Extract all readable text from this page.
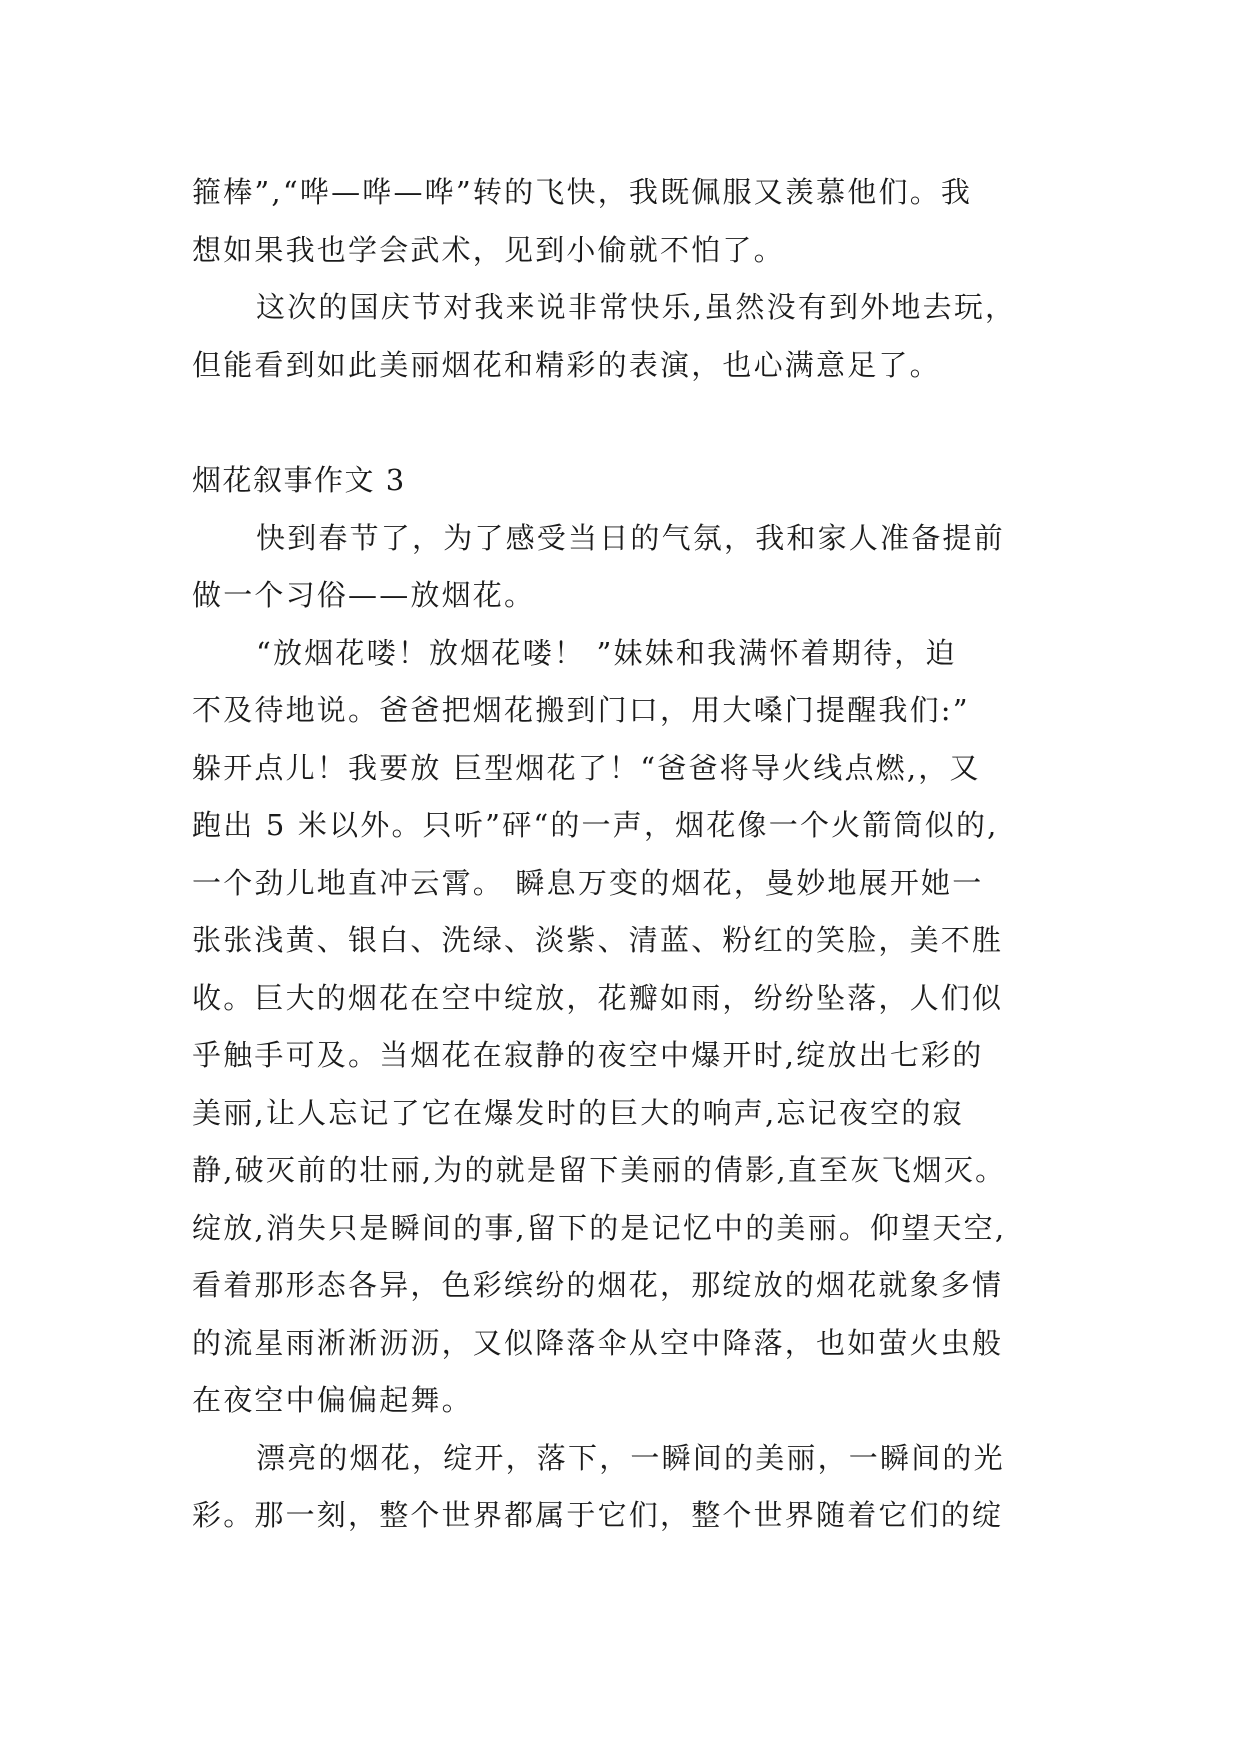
箍棒”,“哗—哗—哗”转的飞快，我既佩服又羡慕他们。我
想如果我也学会武术，见到小偷就不怕了。
这次的国庆节对我来说非常快乐,虽然没有到外地去玩，
但能看到如此美丽烟花和精彩的表演，也心满意足了。
烟花叙事作文 3
快到春节了，为了感受当日的气氛，我和家人准备提前
做一个习俗——放烟花。
“放烟花喽！放烟花喽！ ”妹妹和我满怀着期待，迫
不及待地说。爸爸把烟花搬到门口，用大嗓门提醒我们:”
躲开点儿！我要放 巨型烟花了！“爸爸将导火线点燃,，又
跑出 5 米以外。只听”砰“的一声，烟花像一个火箭筒似的,
一个劲儿地直冲云霄。 瞬息万变的烟花，曼妙地展开她一
张张浅黄、银白、洗绿、淡紫、清蓝、粉红的笑脸，美不胜
收。巨大的烟花在空中绽放，花瓣如雨，纷纷坠落，人们似
乎触手可及。当烟花在寂静的夜空中爆开时,绽放出七彩的
美丽,让人忘记了它在爆发时的巨大的响声,忘记夜空的寂
静,破灭前的壮丽,为的就是留下美丽的倩影,直至灰飞烟灭。
绽放,消失只是瞬间的事,留下的是记忆中的美丽。仰望天空,
看着那形态各异，色彩缤纷的烟花，那绽放的烟花就象多情
的流星雨淅淅沥沥，又似降落伞从空中降落，也如萤火虫般
在夜空中偏偏起舞。
漂亮的烟花，绽开，落下，一瞬间的美丽，一瞬间的光
彩。那一刻，整个世界都属于它们，整个世界随着它们的绽
